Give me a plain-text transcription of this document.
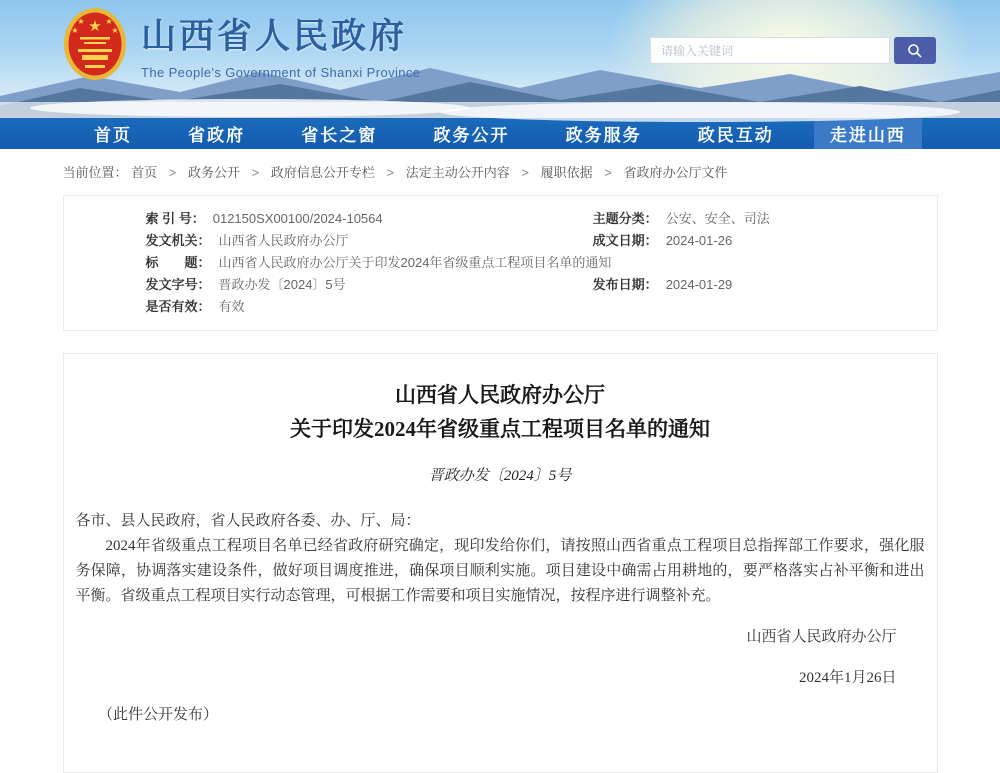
★
★	★
★	★ 山西省人民政府
The People's Government of Shanxi Province
请输入关键词
首页	省政府	省长之窗	政务公开	政务服务	政民互动	走进山西
当前位置： 首页 > 政务公开 > 政府信息公开专栏 > 法定主动公开内容 > 履职依据 > 省政府办公厅文件
索 引 号： 012150SX00100/2024-10564	主题分类： 公安、安全、司法
发文机关： 山西省人民政府办公厅	成文日期： 2024-01-26
标　　题： 山西省人民政府办公厅关于印发2024年省级重点工程项目名单的通知
发文字号： 晋政办发〔2024〕5号	发布日期： 2024-01-29
是否有效： 有效
山西省人民政府办公厅
关于印发2024年省级重点工程项目名单的通知
晋政办发〔2024〕5号
各市、县人民政府，省人民政府各委、办、厅、局：
2024年省级重点工程项目名单已经省政府研究确定，现印发给你们，请按照山西省重点工程项目总指挥部工作要求，强化服务保障，协调落实建设条件，做好项目调度推进，确保项目顺利实施。项目建设中确需占用耕地的，要严格落实占补平衡和进出平衡。省级重点工程项目实行动态管理，可根据工作需要和项目实施情况，按程序进行调整补充。
山西省人民政府办公厅
2024年1月26日
（此件公开发布）
